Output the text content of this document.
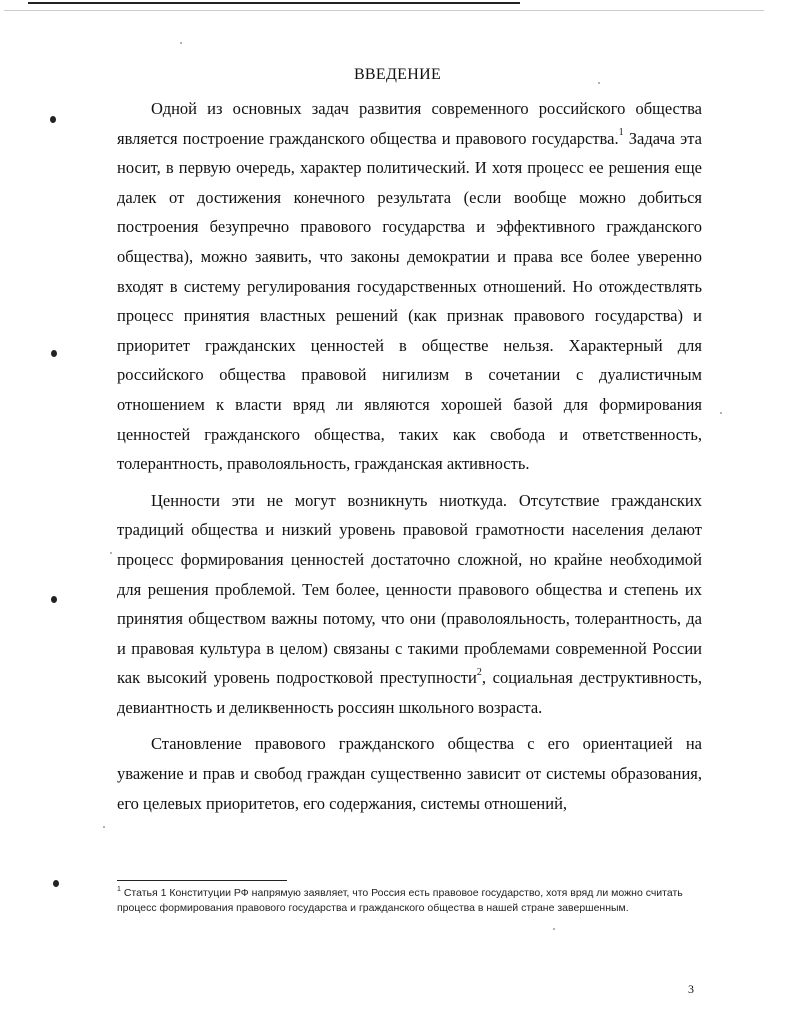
ВВЕДЕНИЕ

Одной из основных задач развития современного российского общества является построение гражданского общества и правового государства.$^1$ Задача эта носит, в первую очередь, характер политический. И хотя процесс ее решения еще далек от достижения конечного результата (если вообще можно добиться построения безупречно правового государства и эффективного гражданского общества), можно заявить, что законы демократии и права все более уверенно входят в систему регулирования государственных отношений. Но отождествлять процесс принятия властных решений (как признак правового государства) и приоритет гражданских ценностей в обществе нельзя. Характерный для российского общества правовой нигилизм в сочетании с дуалистичным отношением к власти вряд ли являются хорошей базой для формирования ценностей гражданского общества, таких как свобода и ответственность, толерантность, праволояльность, гражданская активность.

Ценности эти не могут возникнуть ниоткуда. Отсутствие гражданских традиций общества и низкий уровень правовой грамотности населения делают процесс формирования ценностей достаточно сложной, но крайне необходимой для решения проблемой. Тем более, ценности правового общества и степень их принятия обществом важны потому, что они (праволояльность, толерантность, да и правовая культура в целом) связаны с такими проблемами современной России как высокий уровень подростковой преступности$^2$, социальная деструктивность, девиантность и деликвенность россиян школьного возраста.

Становление правового гражданского общества с его ориентацией на уважение и прав и свобод граждан существенно зависит от системы образования, его целевых приоритетов, его содержания, системы отношений,

$^1$ Статья 1 Конституции РФ напрямую заявляет, что Россия есть правовое государство, хотя вряд ли можно считать процесс формирования правового государства и гражданского общества в нашей стране завершенным.
3
